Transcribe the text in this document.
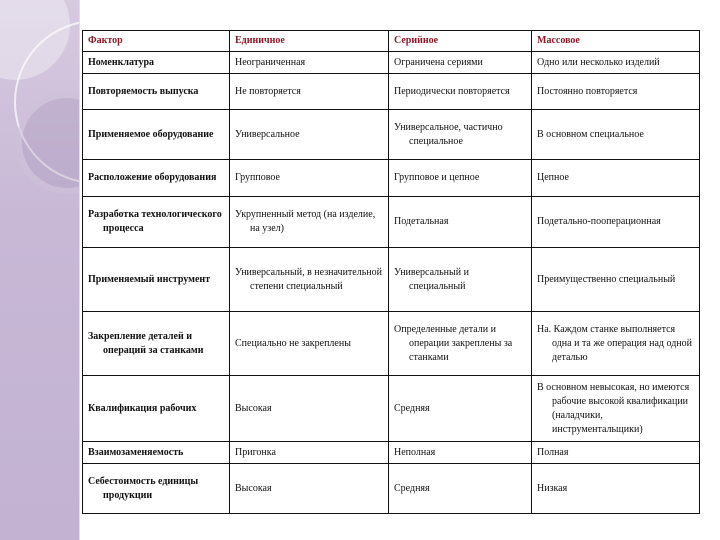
Фактор	Единичное	Серийное	Массовое
Номенклатура	Неограниченная	Ограничена сериями	Одно или несколько изделий
Повторяемость выпуска	Не повторяется	Периодически повторяется	Постоянно повторяется
Применяемое оборудование	Универсальное	Универсальное, частично специальное	В основном специальное
Расположение оборудования	Групповое	Групповое и цепное	Цепное
Разработка технологического процесса	Укрупненный метод (на изделие, на узел)	Подетальная	Подетально-пооперационная
Применяемый инструмент	Универсальный, в незначительной степени специальный	Универсальный и специальный	Преимущественно специальный
Закрепление деталей и операций за станками	Специально не закреплены	Определенные детали и операции закреплены за станками	На. Каждом станке выполняется одна и та же операция над одной деталью
Квалификация рабочих	Высокая	Средняя	В основном невысокая, но имеются рабочие высокой квалификации (наладчики, инструментальщики)
Взаимозаменяемость	Пригонка	Неполная	Полная
Себестоимость единицы продукции	Высокая	Средняя	Низкая
